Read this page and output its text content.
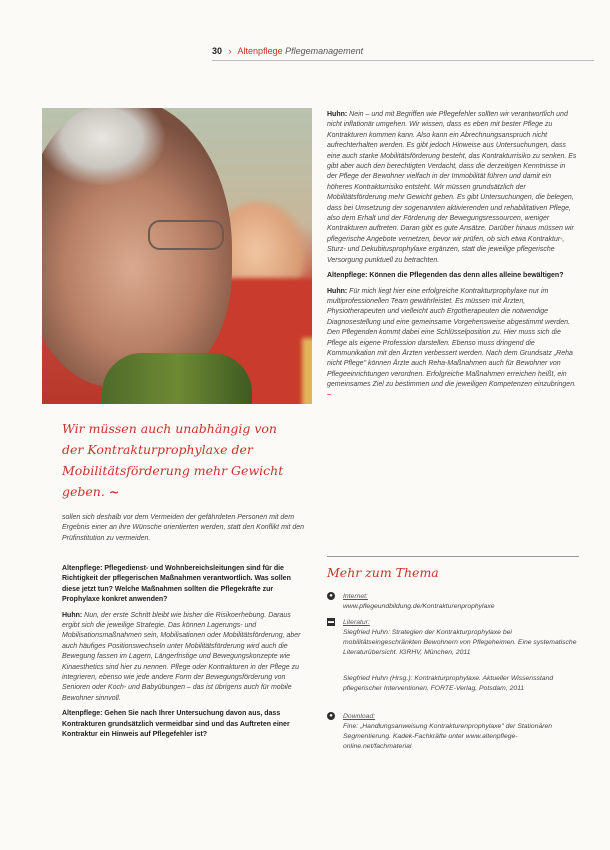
30 › Altenpflege Pflegemanagement
Wir müssen auch unabhängig von der Kontrakturprophylaxe der Mobilitätsförderung mehr Gewicht geben. ~

sollen sich deshalb vor dem Vermeiden der gefährdeten Personen mit dem Ergebnis einer an ihre Wünsche orientierten werden, statt den Konflikt mit den Prüfinstitution zu vermeiden.

Altenpflege: Pflegedienst- und Wohnbereichsleitungen sind für die Richtigkeit der pflegerischen Maßnahmen verantwortlich. Was sollen diese jetzt tun? Welche Maßnahmen sollten die Pflegekräfte zur Prophylaxe konkret anwenden?

Huhn: Nun, der erste Schritt bleibt wie bisher die Risikoerhebung. Daraus ergibt sich die jeweilige Strategie. Das können Lagerungs- und Mobilisationsmaßnahmen sein, Mobilisationen oder Mobilitätsförderung, aber auch häufiges Positionswechseln unter Mobilitätsförderung wird auch die Bewegung fassen im Lagern, Längerfristige und Bewegungskonzepte wie Kinaesthetics sind hier zu nennen. Pflege oder Kontrakturen in der Pflege zu integrieren, ebenso wie jede andere Form der Bewegungsförderung von Senioren oder Koch- und Babyübungen – das ist übrigens auch für mobile Bewohner sinnvoll.

Altenpflege: Gehen Sie nach Ihrer Untersuchung davon aus, dass Kontrakturen grundsätzlich vermeidbar sind und das Auftreten einer Kontraktur ein Hinweis auf Pflegefehler ist?

Huhn: Nein – und mit Begriffen wie Pflegefehler sollten wir verantwortlich und nicht inflationär umgehen. Wir wissen, dass es eben mit bester Pflege zu Kontrakturen kommen kann. Also kann ein Abrechnungsanspruch nicht aufrechterhalten werden. Es gibt jedoch Hinweise aus Untersuchungen, dass eine auch starke Mobilitätsförderung besteht, das Kontrakturrisiko zu senken. Es gibt aber auch den berechtigten Verdacht, dass die derzeitigen Kenntnisse in der Pflege der Bewohner vielfach in der Immobilität führen und damit ein höheres Kontrakturrisiko entsteht. Wir müssen grundsätzlich der Mobilitätsförderung mehr Gewicht geben. Es gibt Untersuchungen, die belegen, dass bei Umsetzung der sogenannten aktivierenden und rehabilitativen Pflege, also dem Erhalt und der Förderung der Bewegungsressourcen, weniger Kontrakturen auftreten. Daran gibt es gute Ansätze. Darüber hinaus müssen wir pflegerische Angebote vernetzen, bevor wir prüfen, ob sich etwa Kontraktur-, Sturz- und Dekubitusprophylaxe ergänzen, statt die jeweilige pflegerische Versorgung punktuell zu betrachten.

Altenpflege: Können die Pflegenden das denn alles alleine bewältigen?

Huhn: Für mich liegt hier eine erfolgreiche Kontrakturprophylaxe nur im multiprofessionellen Team gewährleistet. Es müssen mit Ärzten, Physiotherapeuten und vielleicht auch Ergotherapeuten die notwendige Diagnosestellung und eine gemeinsame Vorgehensweise abgestimmt werden. Den Pflegenden kommt dabei eine Schlüsselposition zu. Hier muss sich die Pflege als eigene Profession darstellen. Ebenso muss dringend die Kommunikation mit den Ärzten verbessert werden. Nach dem Grundsatz „Reha nicht Pflege" können Ärzte auch Reha-Maßnahmen auch für Bewohner von Pflegeeinrichtungen verordnen. Erfolgreiche Maßnahmen erreichen heißt, ein gemeinsames Ziel zu bestimmen und die jeweiligen Kompetenzen einzubringen. ~

Mehr zum Thema
●	Internet:
www.pflegeundbildung.de/Kontrakturenprophylaxe
▬ Literatur:
Siegfried Huhn: Strategien der Kontrakturprophylaxe bei mobilitätseingeschränkten Bewohnern von Pflegeheimen. Eine systematische Literaturübersicht. IGRHV, München, 2011
Siegfried Huhn (Hrsg.): Kontrakturprophylaxe. Aktueller Wissensstand pflegerischer Interventionen. FORTE-Verlag, Potsdam, 2011
●	Download:
Fine: „Handlungsanweisung Kontrakturenprophylaxe" der Stationären Segmentierung. Kadek-Fachkräfte unter www.altenpflege-online.net/fachmaterial
